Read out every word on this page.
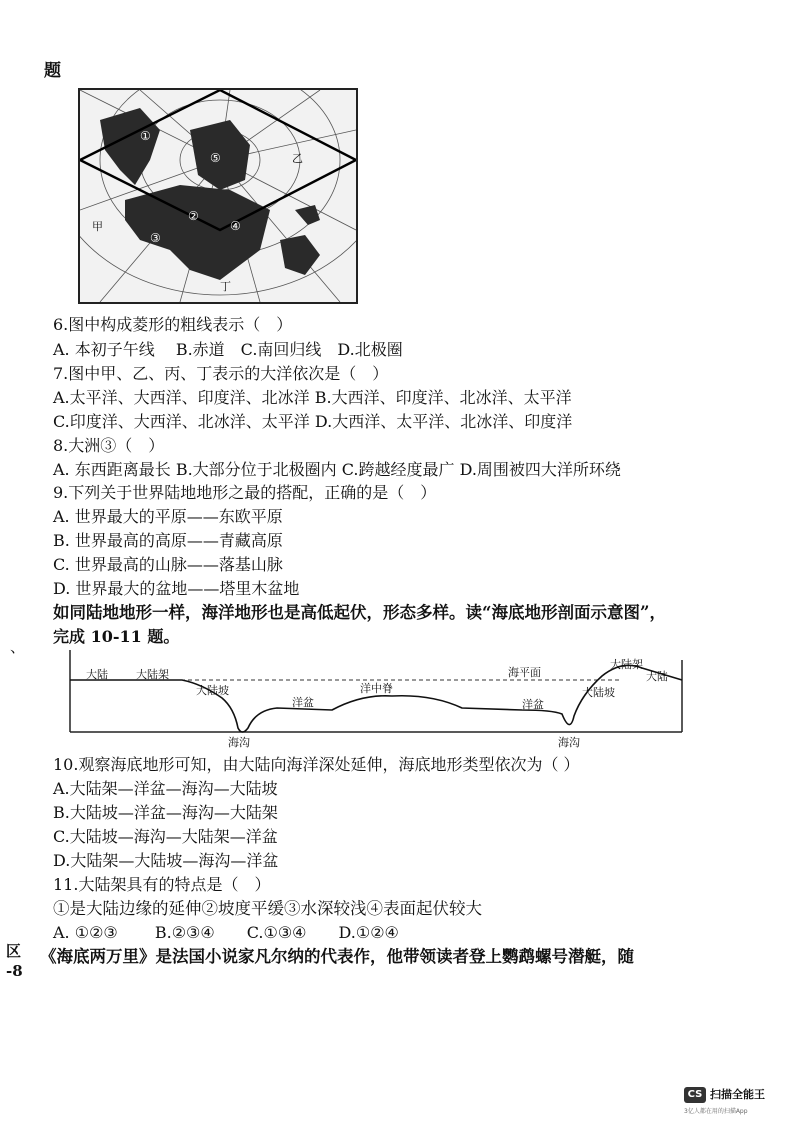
题
①
⑤
②
③
④
甲
乙
丁
6.图中构成菱形的粗线表示（　）
A. 本初子午线　 B.赤道　C.南回归线　D.北极圈
7.图中甲、乙、丙、丁表示的大洋依次是（　）
A.太平洋、大西洋、印度洋、北冰洋 B.大西洋、印度洋、北冰洋、太平洋
C.印度洋、大西洋、北冰洋、太平洋 D.大西洋、太平洋、北冰洋、印度洋
8.大洲③（　）
A. 东西距离最长 B.大部分位于北极圈内 C.跨越经度最广 D.周围被四大洋所环绕
9.下列关于世界陆地地形之最的搭配，正确的是（　）
A. 世界最大的平原——东欧平原
B. 世界最高的高原——青藏高原
C. 世界最高的山脉——落基山脉
D. 世界最大的盆地——塔里木盆地
如同陆地地形一样，海洋地形也是高低起伏，形态多样。读“海底地形剖面示意图”，
完成 10-11 题。
、
大陆	大陆架
大陆坡
洋盆
洋中脊
海平面
洋盆
大陆坡
大陆架
大陆
海沟	海沟
10.观察海底地形可知，由大陆向海洋深处延伸，海底地形类型依次为（ ）
A.大陆架—洋盆—海沟—大陆坡
B.大陆坡—洋盆—海沟—大陆架
C.大陆坡—海沟—大陆架—洋盆
D.大陆架—大陆坡—海沟—洋盆
11.大陆架具有的特点是（　）
①是大陆边缘的延伸②坡度平缓③水深较浅④表面起伏较大
A. ①②③　　 B.②③④　　C.①③④　　D.①②④
《海底两万里》是法国小说家凡尔纳的代表作，他带领读者登上鹦鹉螺号潜艇，随
区
-8
CS 扫描全能王
3亿人都在用的扫描App
